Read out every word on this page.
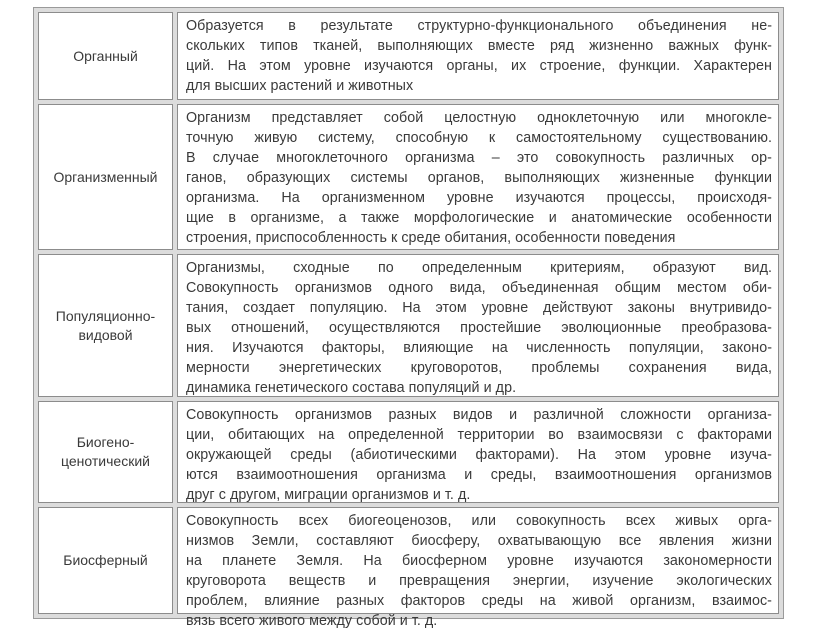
Органный
Образуется в результате структурно-функционального объединения не-
скольких типов тканей, выполняющих вместе ряд жизненно важных функ-
ций. На этом уровне изучаются органы, их строение, функции. Характерен
для высших растений и животных
Организменный
Организм представляет собой целостную одноклеточную или многокле-
точную живую систему, способную к самостоятельному существованию.
В случае многоклеточного организма – это совокупность различных ор-
ганов, образующих системы органов, выполняющих жизненные функции
организма. На организменном уровне изучаются процессы, происходя-
щие в организме, а также морфологические и анатомические особенности
строения, приспособленность к среде обитания, особенности поведения
Популяционно-
видовой
Организмы, сходные по определенным критериям, образуют вид.
Совокупность организмов одного вида, объединенная общим местом оби-
тания, создает популяцию. На этом уровне действуют законы внутривидо-
вых отношений, осуществляются простейшие эволюционные преобразова-
ния. Изучаются факторы, влияющие на численность популяции, законо-
мерности энергетических круговоротов, проблемы сохранения вида,
динамика генетического состава популяций и др.
Биогено-
ценотический
Совокупность организмов разных видов и различной сложности организа-
ции, обитающих на определенной территории во взаимосвязи с факторами
окружающей среды (абиотическими факторами). На этом уровне изуча-
ются взаимоотношения организма и среды, взаимоотношения организмов
друг с другом, миграции организмов и т. д.
Биосферный
Совокупность всех биогеоценозов, или совокупность всех живых орга-
низмов Земли, составляют биосферу, охватывающую все явления жизни
на планете Земля. На биосферном уровне изучаются закономерности
круговорота веществ и превращения энергии, изучение экологических
проблем, влияние разных факторов среды на живой организм, взаимос-
вязь всего живого между собой и т. д.
